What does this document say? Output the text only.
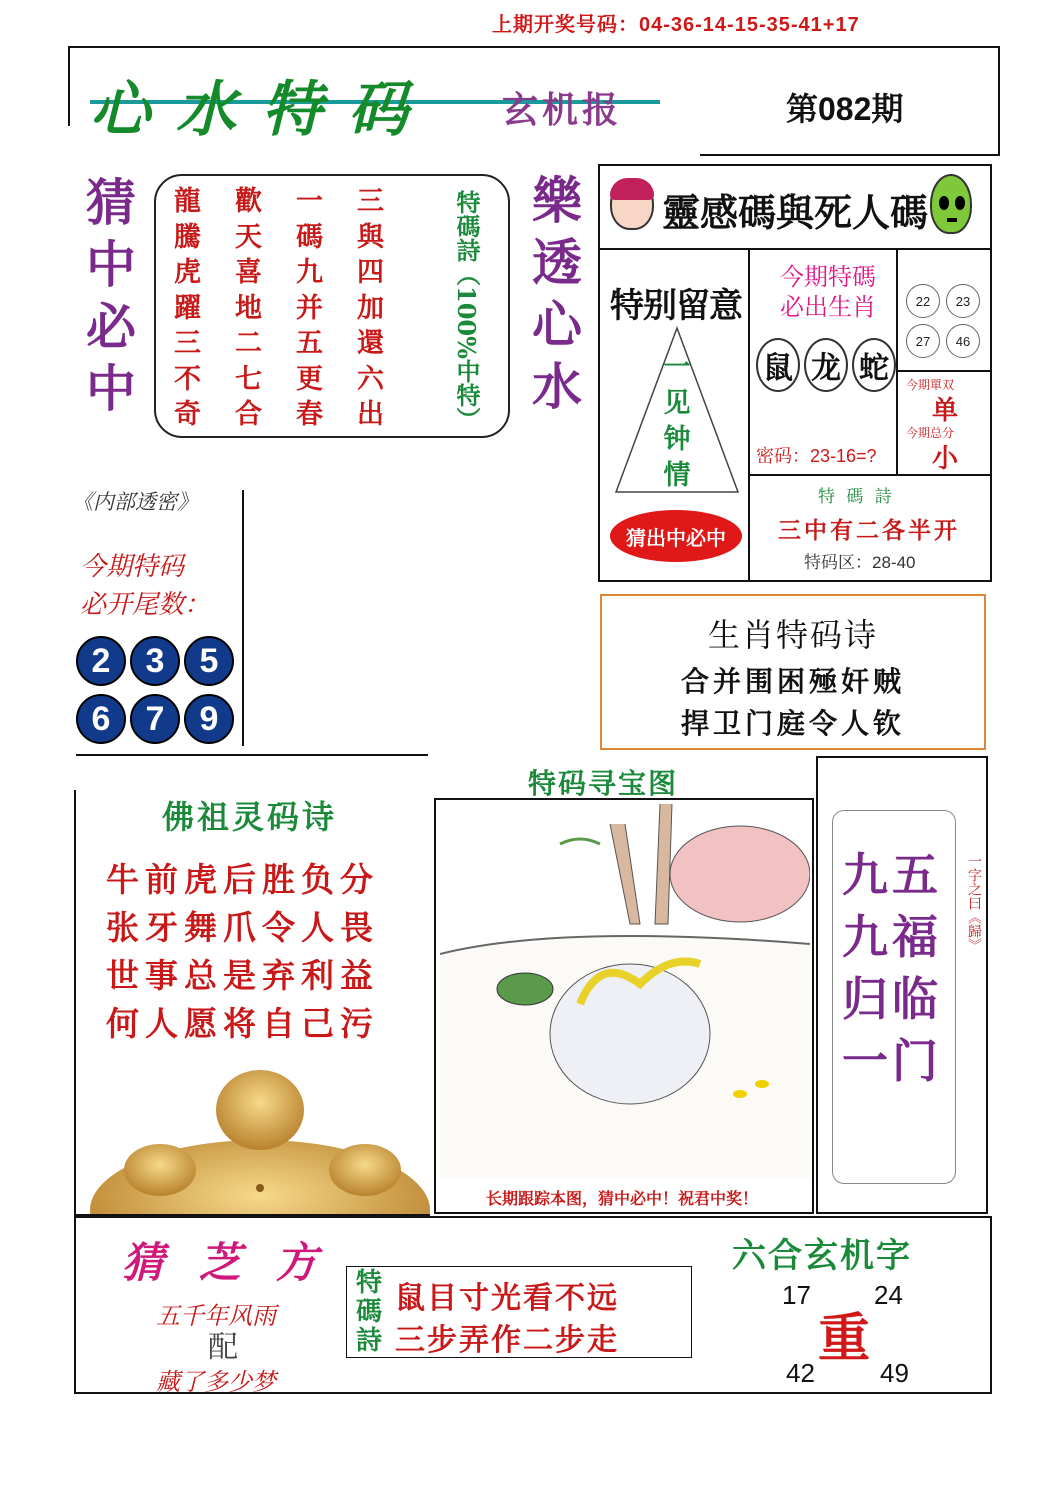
上期开奖号码：04-36-14-15-35-41+17
心水特码 玄机报	第082期
猜
中
必
中
龍
騰
虎
躍
三
不
奇
歡
天
喜
地
二
七
合
一
碼
九
并
五
更
春
三
與
四
加
還
六
出	特碼詩（100%中特） 樂
透
心
水
靈感碼與死人碼
特别留意
一
见
钟
情
猜出中必中
今期特碼
必出生肖
鼠 龙 蛇
密码：23-16=?
22	23
27	46
今期單双
单
今期总分
小
特 碼 詩
三中有二各半开
特码区：28-40
《内部透密》
今期特码
必开尾数：
2	3	5
6	7	9
生肖特码诗
合并围困殛奸贼
捍卫门庭令人钦
佛祖灵码诗
牛前虎后胜负分
张牙舞爪令人畏
世事总是弃利益
何人愿将自己污
特码寻宝图
长期跟踪本图，猜中必中！祝君中奖！
九五
九福
归临
一门
一字之曰《歸》
猜 芝 方
五千年风雨
配
藏了多少梦
特
碼
詩
鼠目寸光看不远
三步弄作二步走
六合玄机字
17 24
重
42	49
